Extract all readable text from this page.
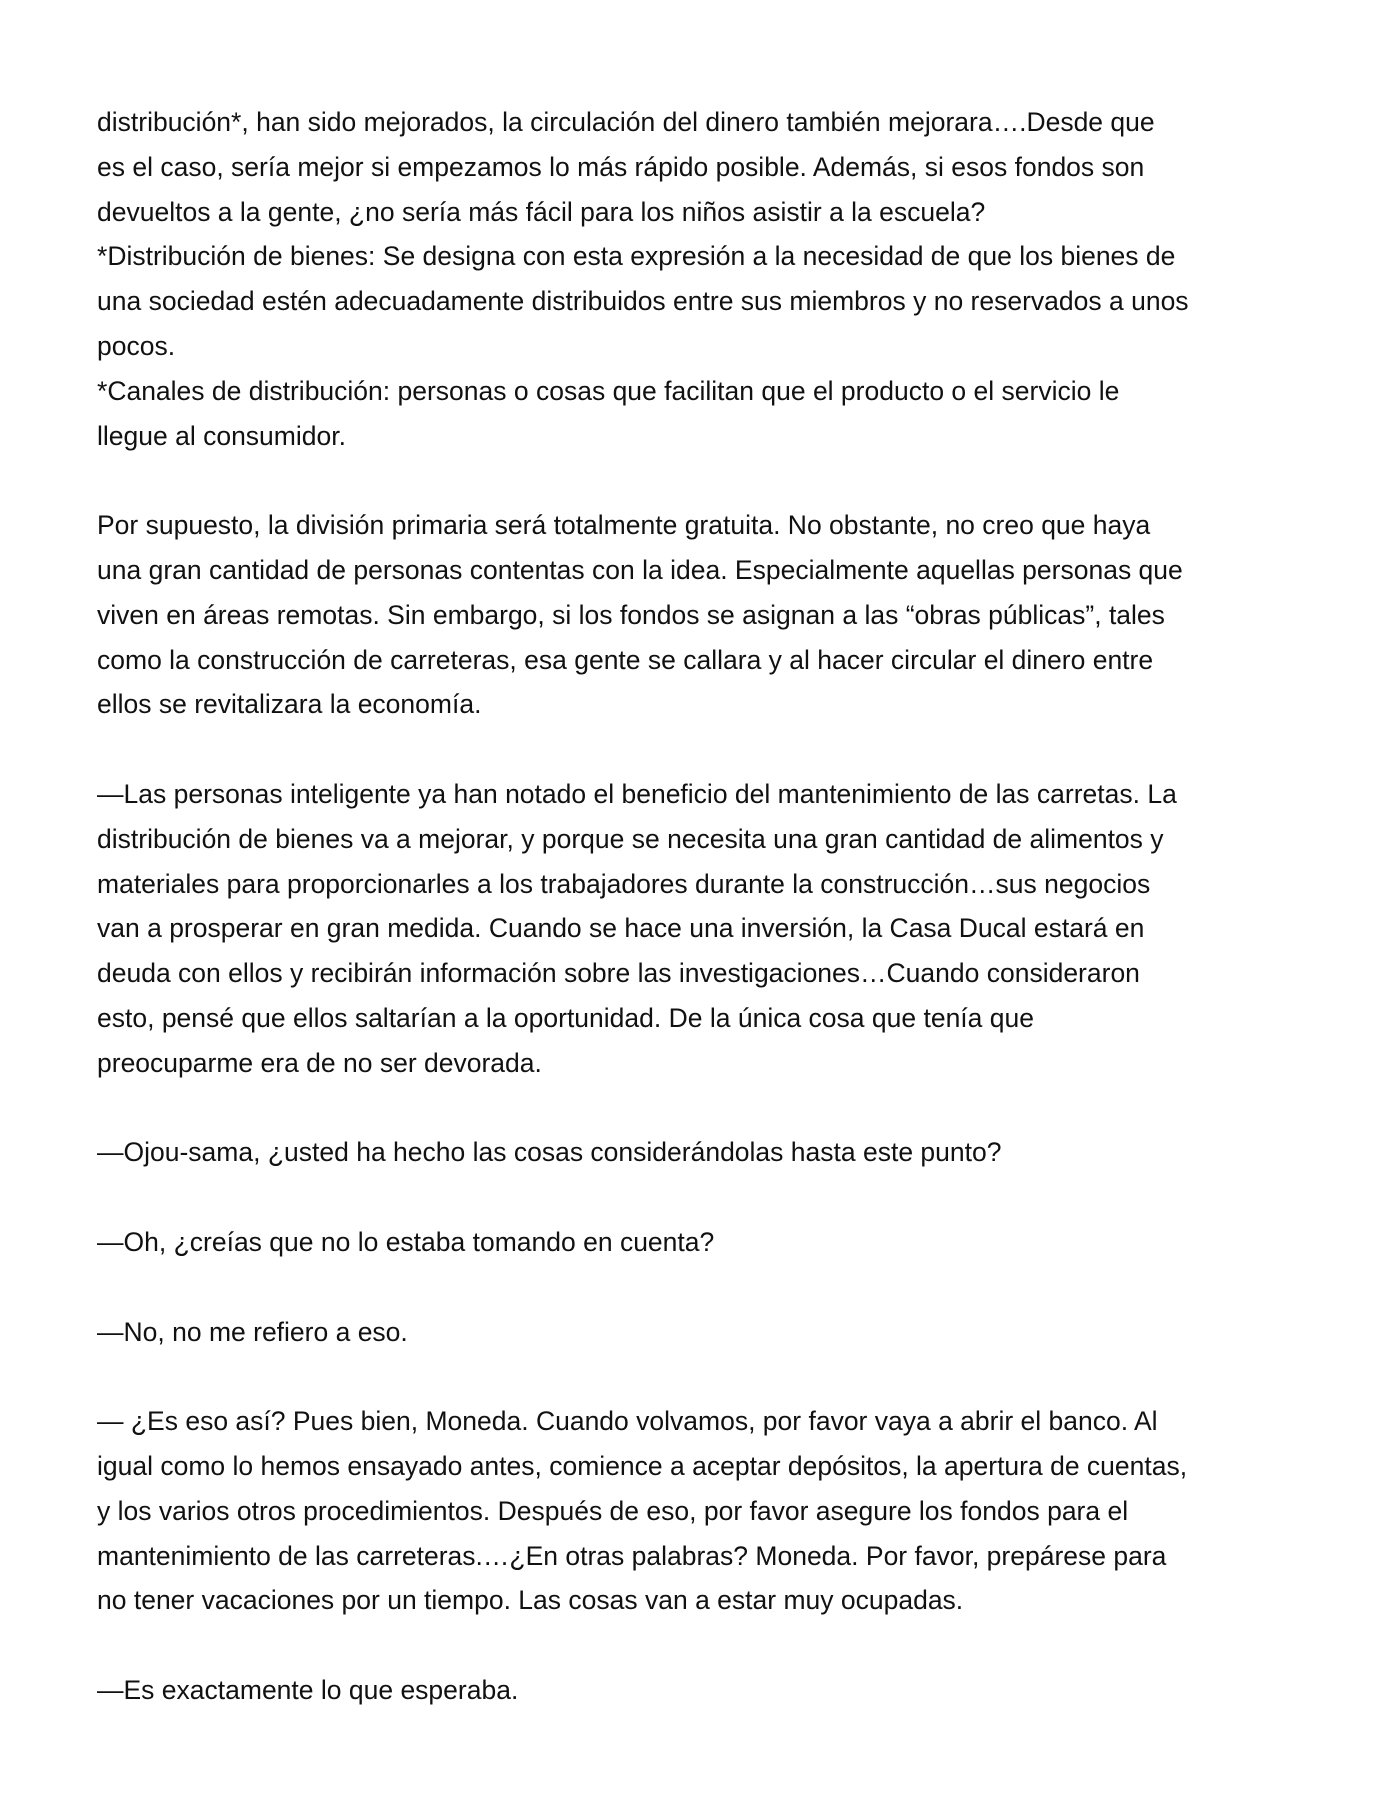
distribución*, han sido mejorados, la circulación del dinero también mejorara….Desde que
es el caso, sería mejor si empezamos lo más rápido posible. Además, si esos fondos son
devueltos a la gente, ¿no sería más fácil para los niños asistir a la escuela?
*Distribución de bienes: Se designa con esta expresión a la necesidad de que los bienes de
una sociedad estén adecuadamente distribuidos entre sus miembros y no reservados a unos
pocos.
*Canales de distribución: personas o cosas que facilitan que el producto o el servicio le
llegue al consumidor.
Por supuesto, la división primaria será totalmente gratuita. No obstante, no creo que haya
una gran cantidad de personas contentas con la idea. Especialmente aquellas personas que
viven en áreas remotas. Sin embargo, si los fondos se asignan a las “obras públicas”, tales
como la construcción de carreteras, esa gente se callara y al hacer circular el dinero entre
ellos se revitalizara la economía.
—Las personas inteligente ya han notado el beneficio del mantenimiento de las carretas. La
distribución de bienes va a mejorar, y porque se necesita una gran cantidad de alimentos y
materiales para proporcionarles a los trabajadores durante la construcción…sus negocios
van a prosperar en gran medida. Cuando se hace una inversión, la Casa Ducal estará en
deuda con ellos y recibirán información sobre las investigaciones…Cuando consideraron
esto, pensé que ellos saltarían a la oportunidad. De la única cosa que tenía que
preocuparme era de no ser devorada.
—Ojou-sama, ¿usted ha hecho las cosas considerándolas hasta este punto?
—Oh, ¿creías que no lo estaba tomando en cuenta?
—No, no me refiero a eso.
— ¿Es eso así? Pues bien, Moneda. Cuando volvamos, por favor vaya a abrir el banco. Al
igual como lo hemos ensayado antes, comience a aceptar depósitos, la apertura de cuentas,
y los varios otros procedimientos. Después de eso, por favor asegure los fondos para el
mantenimiento de las carreteras.…¿En otras palabras? Moneda. Por favor, prepárese para
no tener vacaciones por un tiempo. Las cosas van a estar muy ocupadas.
—Es exactamente lo que esperaba.
